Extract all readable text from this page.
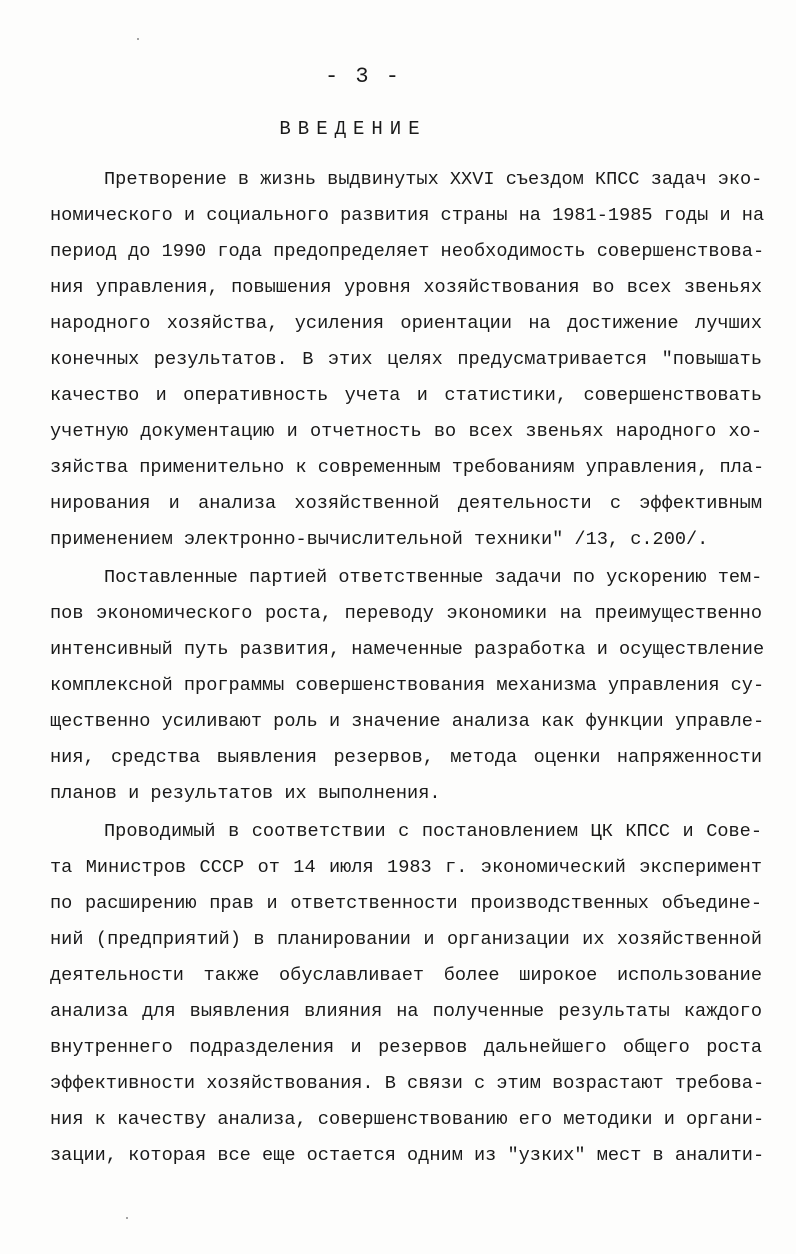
- 3 -
ВВЕДЕНИЕ
Претворение в жизнь выдвинутых XXVI съездом КПСС задач эко-
номического и социального развития страны на 1981-1985 годы и на
период до 1990 года предопределяет необходимость совершенствова-
ния управления, повышения уровня хозяйствования во всех звеньях
народного хозяйства, усиления ориентации на достижение лучших
конечных результатов. В этих целях предусматривается "повышать
качество и оперативность учета и статистики, совершенствовать
учетную документацию и отчетность во всех звеньях народного хо-
зяйства применительно к современным требованиям управления, пла-
нирования и анализа хозяйственной деятельности с эффективным
применением электронно-вычислительной техники" /13, с.200/.
Поставленные партией ответственные задачи по ускорению тем-
пов экономического роста, переводу экономики на преимущественно
интенсивный путь развития, намеченные разработка и осуществление
комплексной программы совершенствования механизма управления су-
щественно усиливают роль и значение анализа как функции управле-
ния, средства выявления резервов, метода оценки напряженности
планов и результатов их выполнения.
Проводимый в соответствии с постановлением ЦК КПСС и Сове-
та Министров СССР от 14 июля 1983 г. экономический эксперимент
по расширению прав и ответственности производственных объедине-
ний (предприятий) в планировании и организации их хозяйственной
деятельности также обуславливает более широкое использование
анализа для выявления влияния на полученные результаты каждого
внутреннего подразделения и резервов дальнейшего общего роста
эффективности хозяйствования. В связи с этим возрастают требова-
ния к качеству анализа, совершенствованию его методики и органи-
зации, которая все еще остается одним из "узких" мест в аналити-
